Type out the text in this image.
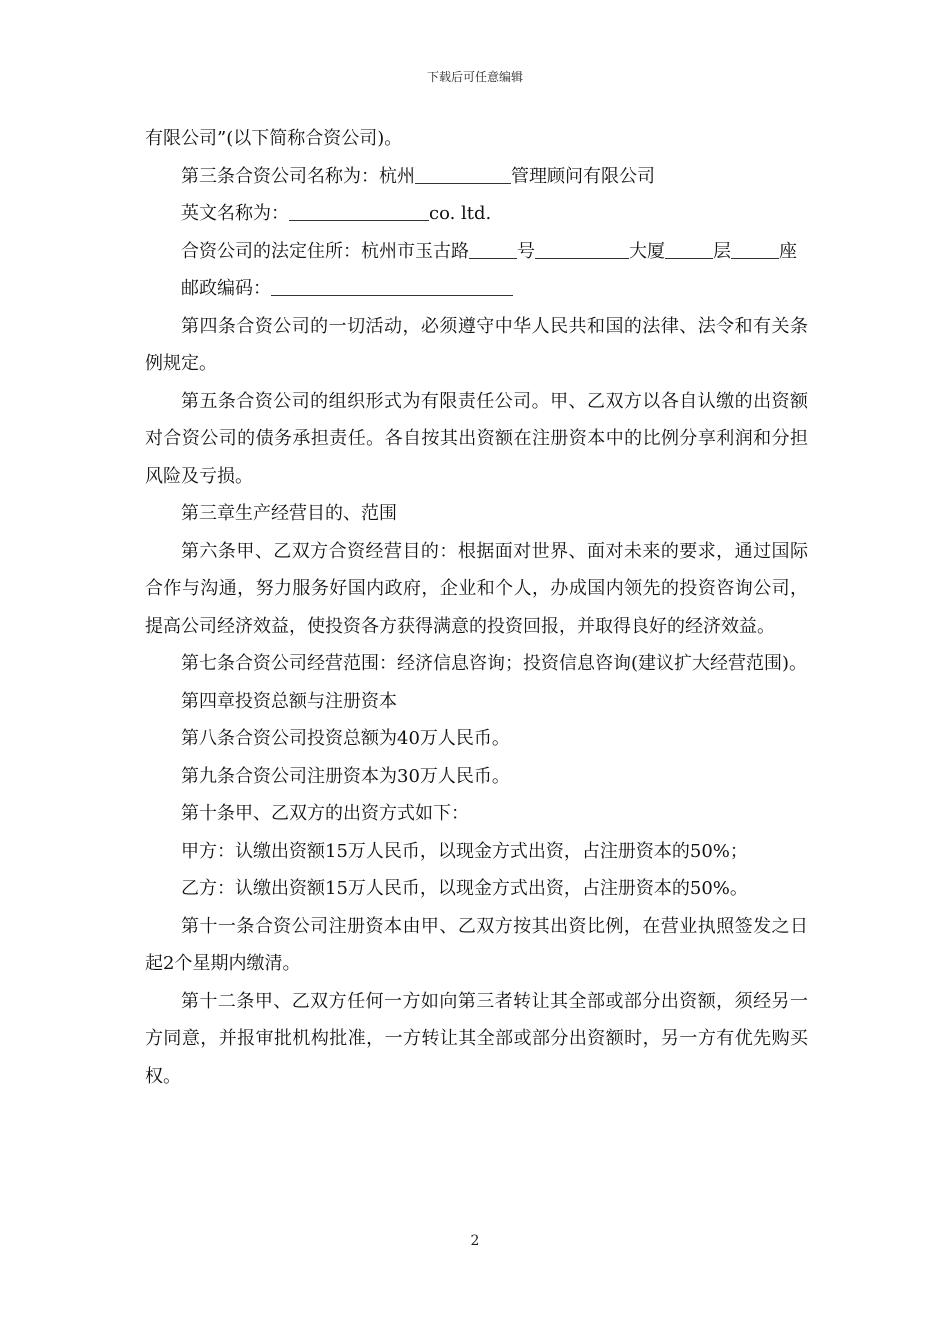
下载后可任意编辑

有限公司”(以下简称合资公司)。

第三条合资公司名称为：杭州	管理顾问有限公司

英文名称为：	co. ltd.

合资公司的法定住所：杭州市玉古路	号	大厦	层	座

邮政编码：

第四条合资公司的一切活动，必须遵守中华人民共和国的法律、法令和有关条例规定。

第五条合资公司的组织形式为有限责任公司。甲、乙双方以各自认缴的出资额对合资公司的债务承担责任。各自按其出资额在注册资本中的比例分享利润和分担风险及亏损。

第三章生产经营目的、范围

第六条甲、乙双方合资经营目的：根据面对世界、面对未来的要求，通过国际合作与沟通，努力服务好国内政府，企业和个人，办成国内领先的投资咨询公司，提高公司经济效益，使投资各方获得满意的投资回报，并取得良好的经济效益。

第七条合资公司经营范围：经济信息咨询；投资信息咨询(建议扩大经营范围)。

第四章投资总额与注册资本

第八条合资公司投资总额为40万人民币。

第九条合资公司注册资本为30万人民币。

第十条甲、乙双方的出资方式如下：

甲方：认缴出资额15万人民币，以现金方式出资，占注册资本的50%；

乙方：认缴出资额15万人民币，以现金方式出资，占注册资本的50%。

第十一条合资公司注册资本由甲、乙双方按其出资比例，在营业执照签发之日起2个星期内缴清。

第十二条甲、乙双方任何一方如向第三者转让其全部或部分出资额，须经另一方同意，并报审批机构批准，一方转让其全部或部分出资额时，另一方有优先购买权。

2
